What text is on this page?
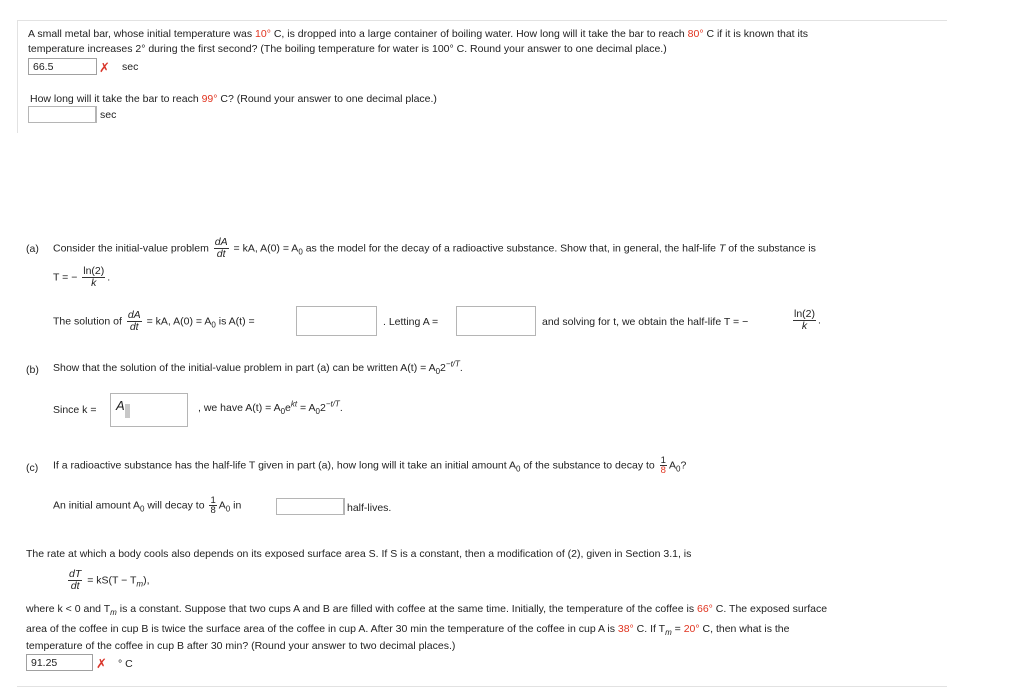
A small metal bar, whose initial temperature was 10° C, is dropped into a large container of boiling water. How long will it take the bar to reach 80° C if it is known that its
temperature increases 2° during the first second? (The boiling temperature for water is 100° C. Round your answer to one decimal place.)
66.5	✗ sec
How long will it take the bar to reach 99° C? (Round your answer to one decimal place.)
sec
(a) Consider the initial-value problem $\frac{dA}{dt}$ = kA, $A(0) = A_0$ as the model for the decay of a radioactive substance. Show that, in general, the half-life T of the substance is
T = − $\frac{\ln(2)}{k}$ .
The solution of $\frac{dA}{dt}$ = kA, $A(0) = A_0$ is A(t) =	. Letting A =	and solving for t, we obtain the half-life T = −	$\frac{\ln(2)}{k}$ .
(b) Show that the solution of the initial-value problem in part (a) can be written $A(t) = A_02^{-t/T}$.
Since k = A	, we have $A(t) = A_0e^{kt} = A_02^{-t/T}$.
(c) If a radioactive substance has the half-life T given in part (a), how long will it take an initial amount $A_0$ of the substance to decay to $\frac{1}{8} A_0$?
An initial amount $A_0$ will decay to $\frac{1}{8} A_0$ in	half-lives.
The rate at which a body cools also depends on its exposed surface area S. If S is a constant, then a modification of (2), given in Section 3.1, is
$\frac{dT}{dt} = kS(T - T_m)$,
where k < 0 and $T_m$ is a constant. Suppose that two cups A and B are filled with coffee at the same time. Initially, the temperature of the coffee is 66° C. The exposed surface
area of the coffee in cup B is twice the surface area of the coffee in cup A. After 30 min the temperature of the coffee in cup A is 38° C. If $T_m = 20^\circ$ C, then what is the
temperature of the coffee in cup B after 30 min? (Round your answer to two decimal places.)
91.25	✗ ° C
